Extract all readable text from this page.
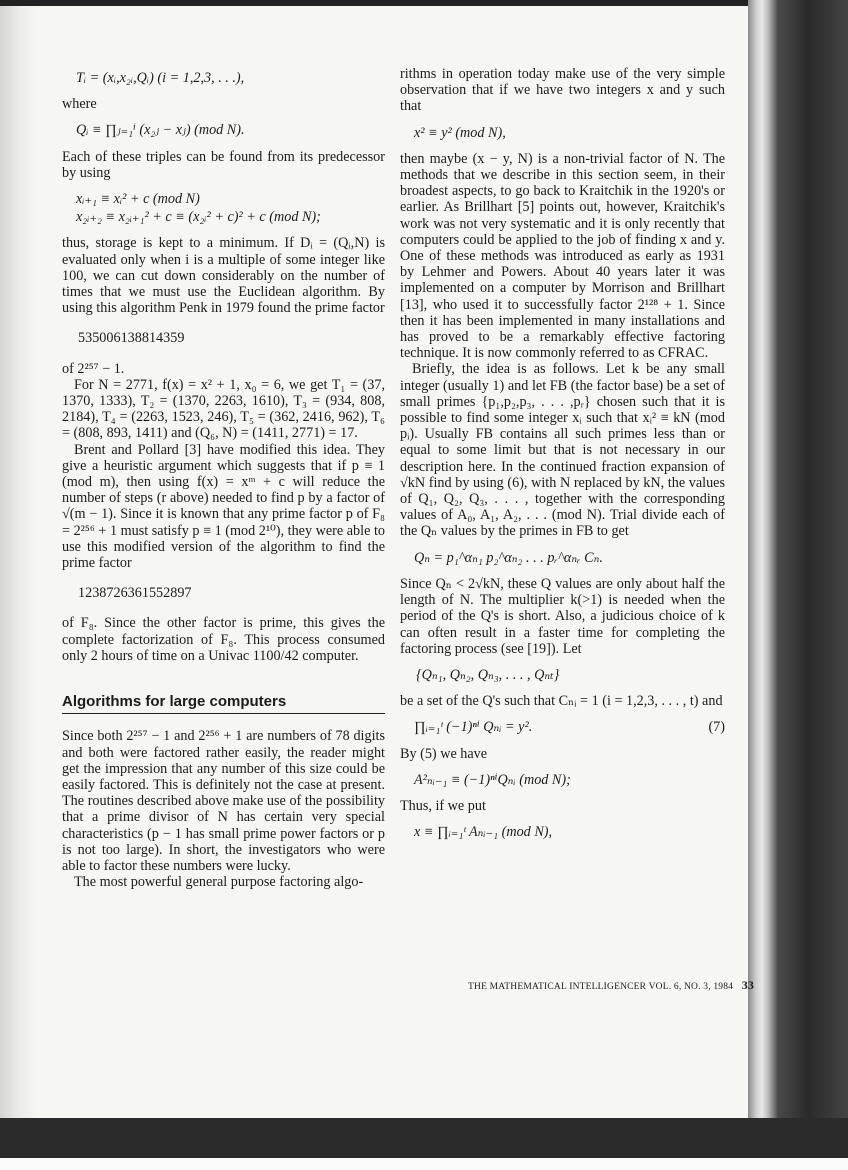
Tᵢ = (xᵢ,x₂ᵢ,Qᵢ) (i = 1,2,3, . . .),

where

Qᵢ ≡ ∏ⱼ₌₁ⁱ (x₂ⱼ − xⱼ) (mod N).

Each of these triples can be found from its predecessor by using

xᵢ₊₁ ≡ xᵢ² + c (mod N)
x₂ᵢ₊₂ ≡ x₂ᵢ₊₁² + c ≡ (x₂ᵢ² + c)² + c (mod N);

thus, storage is kept to a minimum. If Dᵢ = (Qᵢ,N) is evaluated only when i is a multiple of some integer like 100, we can cut down considerably on the number of times that we must use the Euclidean algorithm. By using this algorithm Penk in 1979 found the prime factor

535006138814359

of 2²⁵⁷ − 1.

For N = 2771, f(x) = x² + 1, x₀ = 6, we get T₁ = (37, 1370, 1333), T₂ = (1370, 2263, 1610), T₃ = (934, 808, 2184), T₄ = (2263, 1523, 246), T₅ = (362, 2416, 962), T₆ = (808, 893, 1411) and (Q₆, N) = (1411, 2771) = 17.

Brent and Pollard [3] have modified this idea. They give a heuristic argument which suggests that if p ≡ 1 (mod m), then using f(x) = xᵐ + c will reduce the number of steps (r above) needed to find p by a factor of √(m − 1). Since it is known that any prime factor p of F₈ = 2²⁵⁶ + 1 must satisfy p ≡ 1 (mod 2¹⁰), they were able to use this modified version of the algorithm to find the prime factor

1238726361552897

of F₈. Since the other factor is prime, this gives the complete factorization of F₈. This process consumed only 2 hours of time on a Univac 1100/42 computer.

Algorithms for large computers

Since both 2²⁵⁷ − 1 and 2²⁵⁶ + 1 are numbers of 78 digits and both were factored rather easily, the reader might get the impression that any number of this size could be easily factored. This is definitely not the case at present. The routines described above make use of the possibility that a prime divisor of N has certain very special characteristics (p − 1 has small prime power factors or p is not too large). In short, the investigators who were able to factor these numbers were lucky.

The most powerful general purpose factoring algo-

rithms in operation today make use of the very simple observation that if we have two integers x and y such that

x² ≡ y² (mod N),

then maybe (x − y, N) is a non-trivial factor of N. The methods that we describe in this section seem, in their broadest aspects, to go back to Kraitchik in the 1920's or earlier. As Brillhart [5] points out, however, Kraitchik's work was not very systematic and it is only recently that computers could be applied to the job of finding x and y. One of these methods was introduced as early as 1931 by Lehmer and Powers. About 40 years later it was implemented on a computer by Morrison and Brillhart [13], who used it to successfully factor 2¹²⁸ + 1. Since then it has been implemented in many installations and has proved to be a remarkably effective factoring technique. It is now commonly referred to as CFRAC.

Briefly, the idea is as follows. Let k be any small integer (usually 1) and let FB (the factor base) be a set of small primes {p₁,p₂,p₃, . . . ,pᵣ} chosen such that it is possible to find some integer xᵢ such that xᵢ² ≡ kN (mod pᵢ). Usually FB contains all such primes less than or equal to some limit but that is not necessary in our description here. In the continued fraction expansion of √kN find by using (6), with N replaced by kN, the values of Q₁, Q₂, Q₃, . . . , together with the corresponding values of A₀, A₁, A₂, . . . (mod N). Trial divide each of the Qₙ values by the primes in FB to get

Qₙ = p₁^αₙ₁ p₂^αₙ₂ . . . pᵣ^αₙᵣ Cₙ.

Since Qₙ < 2√kN, these Q values are only about half the length of N. The multiplier k(>1) is needed when the period of the Q's is short. Also, a judicious choice of k can often result in a faster time for completing the factoring process (see [19]). Let

{Qₙ₁, Qₙ₂, Qₙ₃, . . . , Qₙₜ}

be a set of the Q's such that Cₙᵢ = 1 (i = 1,2,3, . . . , t) and

(7)
∏ᵢ₌₁ᵗ (−1)ⁿⁱ Qₙᵢ = y².

By (5) we have

A²ₙᵢ₋₁ ≡ (−1)ⁿⁱQₙᵢ (mod N);

Thus, if we put

x ≡ ∏ᵢ₌₁ᵗ Aₙᵢ₋₁ (mod N),
THE MATHEMATICAL INTELLIGENCER VOL. 6, NO. 3, 1984 33
